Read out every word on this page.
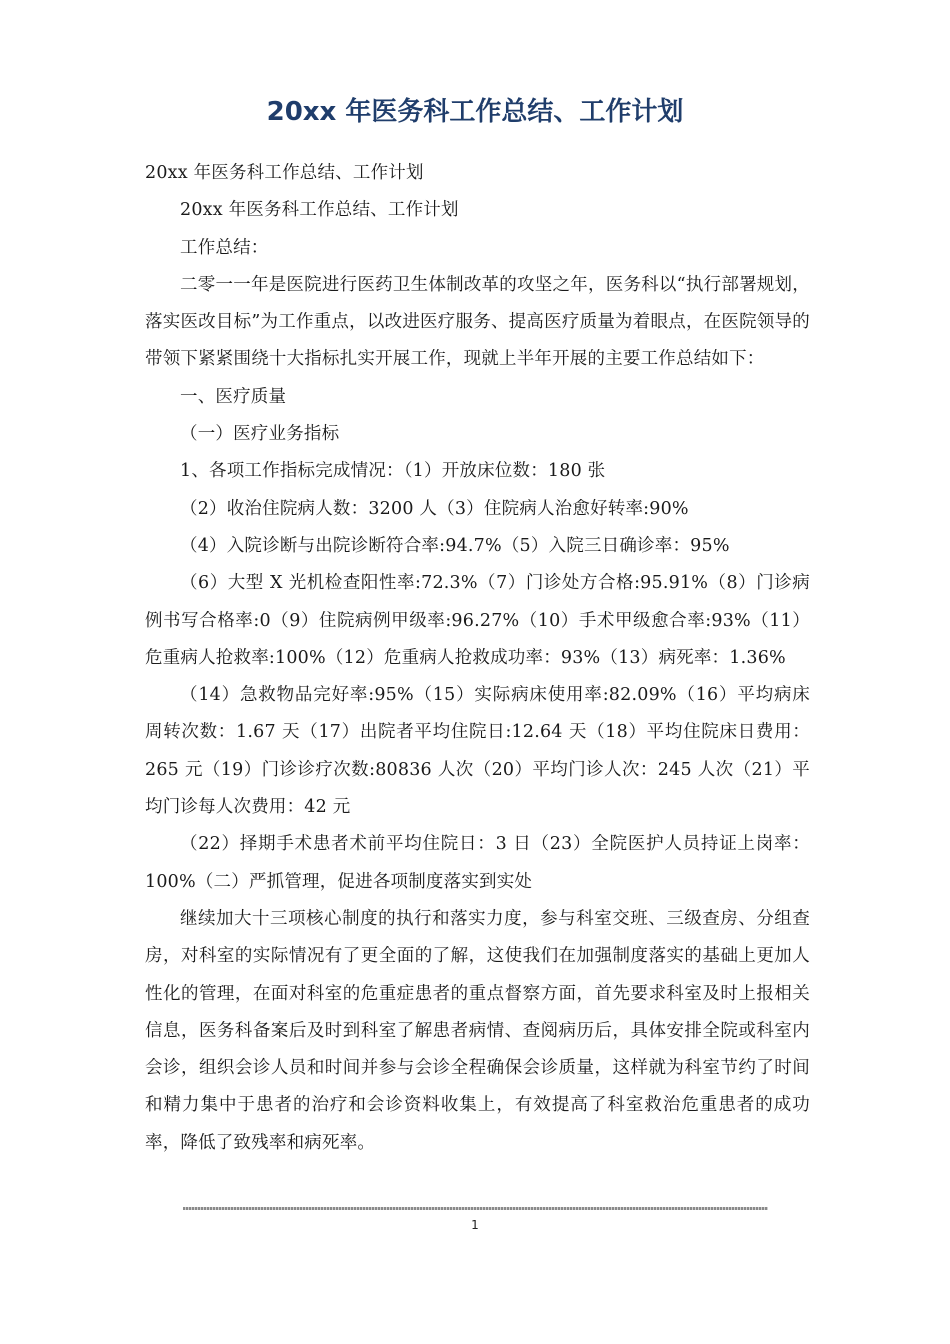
20xx 年医务科工作总结、工作计划

20xx 年医务科工作总结、工作计划

20xx 年医务科工作总结、工作计划

工作总结：

二零一一年是医院进行医药卫生体制改革的攻坚之年，医务科以“执行部署规划，落实医改目标”为工作重点，以改进医疗服务、提高医疗质量为着眼点，在医院领导的带领下紧紧围绕十大指标扎实开展工作，现就上半年开展的主要工作总结如下：

一、医疗质量

（一）医疗业务指标

1、各项工作指标完成情况：（1）开放床位数：180 张

（2）收治住院病人数：3200 人（3）住院病人治愈好转率:90%

（4）入院诊断与出院诊断符合率:94.7%（5）入院三日确诊率：95%

（6）大型 X 光机检查阳性率:72.3%（7）门诊处方合格:95.91%（8）门诊病例书写合格率:0（9）住院病例甲级率:96.27%（10）手术甲级愈合率:93%（11）危重病人抢救率:100%（12）危重病人抢救成功率：93%（13）病死率：1.36%

（14）急救物品完好率:95%（15）实际病床使用率:82.09%（16）平均病床周转次数：1.67 天（17）出院者平均住院日:12.64 天（18）平均住院床日费用：265 元（19）门诊诊疗次数:80836 人次（20）平均门诊人次：245 人次（21）平均门诊每人次费用：42 元

（22）择期手术患者术前平均住院日：3 日（23）全院医护人员持证上岗率：100%（二）严抓管理，促进各项制度落实到实处

继续加大十三项核心制度的执行和落实力度，参与科室交班、三级查房、分组查房，对科室的实际情况有了更全面的了解，这使我们在加强制度落实的基础上更加人性化的管理，在面对科室的危重症患者的重点督察方面，首先要求科室及时上报相关信息，医务科备案后及时到科室了解患者病情、查阅病历后，具体安排全院或科室内会诊，组织会诊人员和时间并参与会诊全程确保会诊质量，这样就为科室节约了时间和精力集中于患者的治疗和会诊资料收集上，有效提高了科室救治危重患者的成功率，降低了致残率和病死率。

1
